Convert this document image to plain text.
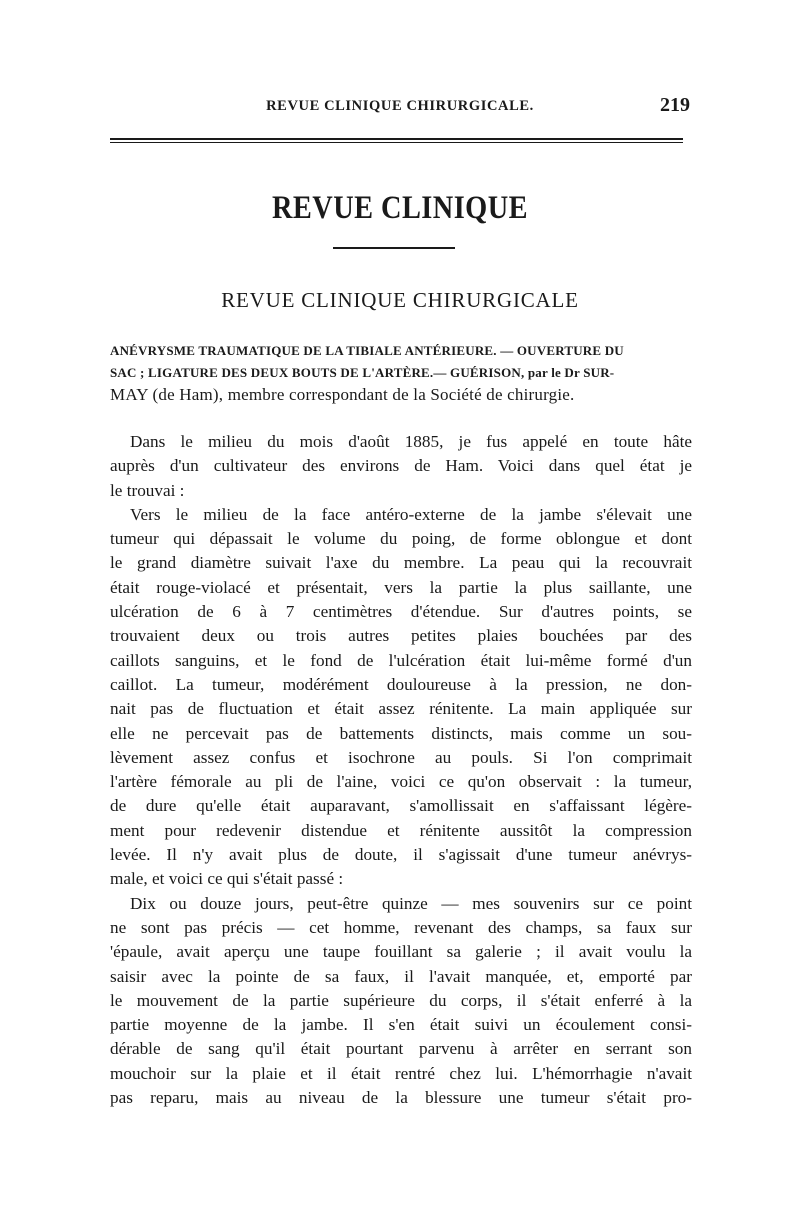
REVUE CLINIQUE CHIRURGICALE.	219
REVUE CLINIQUE
REVUE CLINIQUE CHIRURGICALE
ANÉVRYSME TRAUMATIQUE DE LA TIBIALE ANTÉRIEURE. — OUVERTURE DU
SAC ; LIGATURE DES DEUX BOUTS DE L'ARTÈRE.— GUÉRISON, par le Dr SUR-
MAY (de Ham), membre correspondant de la Société de chirurgie.
Dans le milieu du mois d'août 1885, je fus appelé en toute hâte
auprès d'un cultivateur des environs de Ham. Voici dans quel état je
le trouvai :
Vers le milieu de la face antéro-externe de la jambe s'élevait une
tumeur qui dépassait le volume du poing, de forme oblongue et dont
le grand diamètre suivait l'axe du membre. La peau qui la recouvrait
était rouge-violacé et présentait, vers la partie la plus saillante, une
ulcération de 6 à 7 centimètres d'étendue. Sur d'autres points, se
trouvaient deux ou trois autres petites plaies bouchées par des
caillots sanguins, et le fond de l'ulcération était lui-même formé d'un
caillot. La tumeur, modérément douloureuse à la pression, ne don-
nait pas de fluctuation et était assez rénitente. La main appliquée sur
elle ne percevait pas de battements distincts, mais comme un sou-
lèvement assez confus et isochrone au pouls. Si l'on comprimait
l'artère fémorale au pli de l'aine, voici ce qu'on observait : la tumeur,
de dure qu'elle était auparavant, s'amollissait en s'affaissant légère-
ment pour redevenir distendue et rénitente aussitôt la compression
levée. Il n'y avait plus de doute, il s'agissait d'une tumeur anévrys-
male, et voici ce qui s'était passé :
Dix ou douze jours, peut-être quinze — mes souvenirs sur ce point
ne sont pas précis — cet homme, revenant des champs, sa faux sur
'épaule, avait aperçu une taupe fouillant sa galerie ; il avait voulu la
saisir avec la pointe de sa faux, il l'avait manquée, et, emporté par
le mouvement de la partie supérieure du corps, il s'était enferré à la
partie moyenne de la jambe. Il s'en était suivi un écoulement consi-
dérable de sang qu'il était pourtant parvenu à arrêter en serrant son
mouchoir sur la plaie et il était rentré chez lui. L'hémorrhagie n'avait
pas reparu, mais au niveau de la blessure une tumeur s'était pro-
